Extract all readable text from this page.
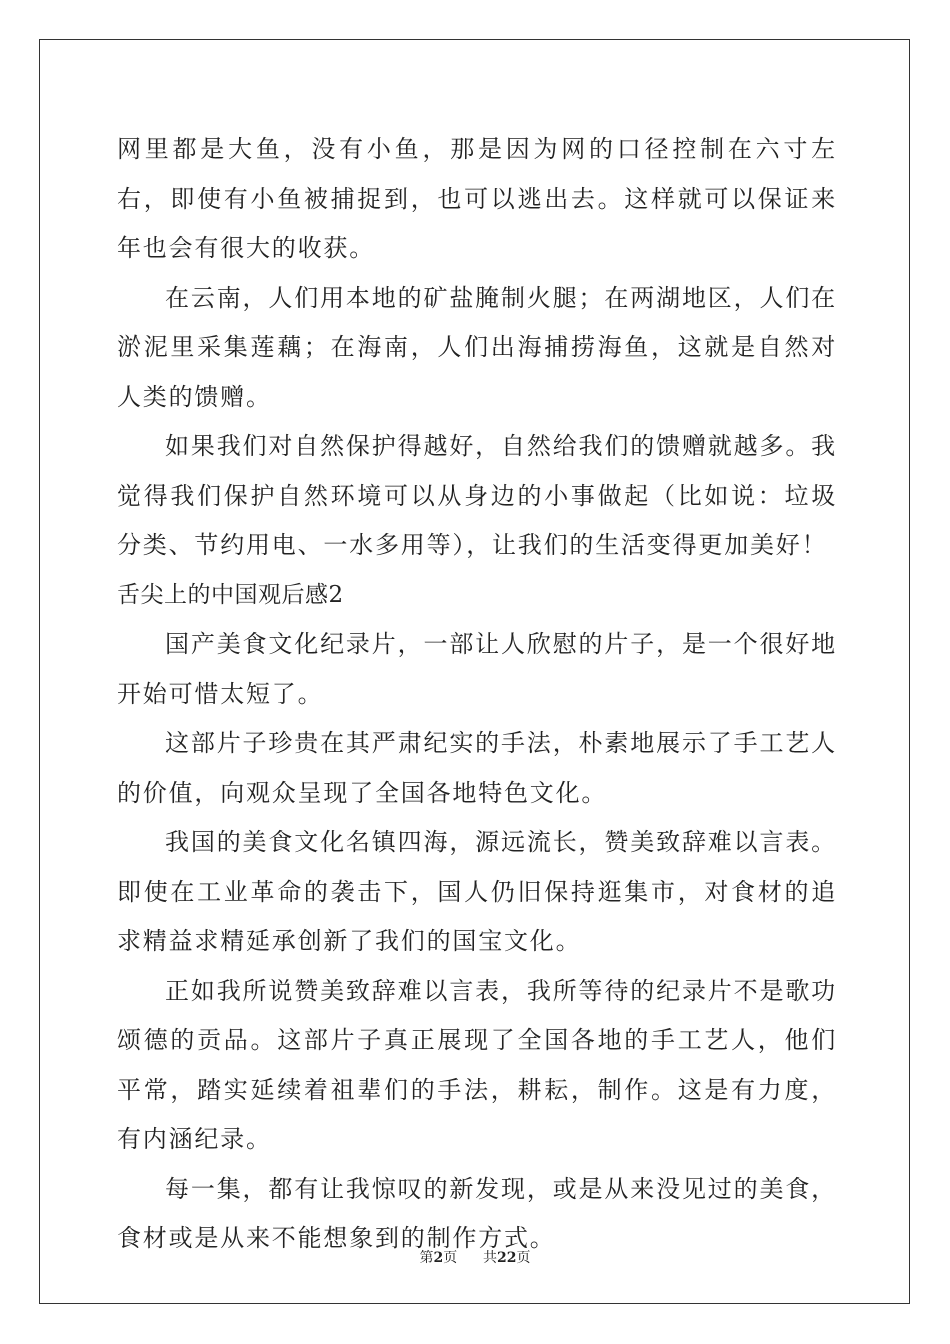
网里都是大鱼，没有小鱼，那是因为网的口径控制在六寸左右，即使有小鱼被捕捉到，也可以逃出去。这样就可以保证来年也会有很大的收获。

在云南，人们用本地的矿盐腌制火腿；在两湖地区，人们在淤泥里采集莲藕；在海南，人们出海捕捞海鱼，这就是自然对人类的馈赠。

如果我们对自然保护得越好，自然给我们的馈赠就越多。我觉得我们保护自然环境可以从身边的小事做起（比如说：垃圾分类、节约用电、一水多用等），让我们的生活变得更加美好！

舌尖上的中国观后感2

国产美食文化纪录片，一部让人欣慰的片子，是一个很好地开始可惜太短了。

这部片子珍贵在其严肃纪实的手法，朴素地展示了手工艺人的价值，向观众呈现了全国各地特色文化。

我国的美食文化名镇四海，源远流长，赞美致辞难以言表。即使在工业革命的袭击下，国人仍旧保持逛集市，对食材的追求精益求精延承创新了我们的国宝文化。

正如我所说赞美致辞难以言表，我所等待的纪录片不是歌功颂德的贡品。这部片子真正展现了全国各地的手工艺人，他们平常，踏实延续着祖辈们的手法，耕耘，制作。这是有力度，有内涵纪录。

每一集，都有让我惊叹的新发现，或是从来没见过的美食，食材或是从来不能想象到的制作方式。

第2页 共22页
